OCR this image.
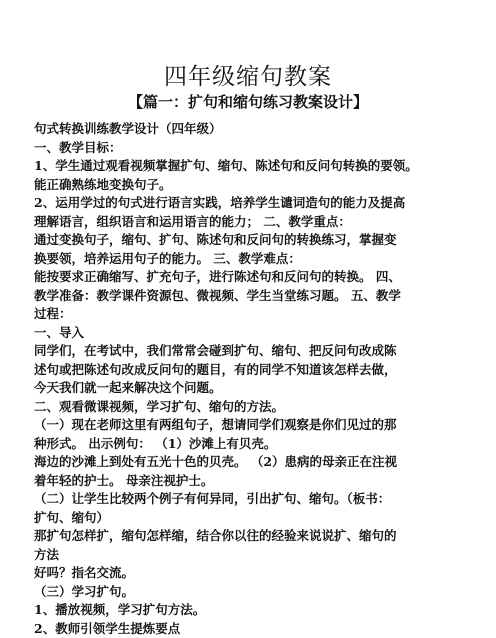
四年级缩句教案
【篇一：扩句和缩句练习教案设计】
句式转换训练教学设计（四年级）
一、教学目标：
1、学生通过观看视频掌握扩句、缩句、陈述句和反问句转换的要领。
能正确熟练地变换句子。
2、运用学过的句式进行语言实践，培养学生谴词造句的能力及提高
理解语言，组织语言和运用语言的能力； 二、教学重点：
通过变换句子，缩句、扩句、陈述句和反问句的转换练习，掌握变
换要领，培养运用句子的能力。 三、教学难点：
能按要求正确缩写、扩充句子，进行陈述句和反问句的转换。 四、
教学准备：教学课件资源包、微视频、学生当堂练习题。 五、教学
过程：
一、导入
同学们，在考试中，我们常常会碰到扩句、缩句、把反问句改成陈
述句或把陈述句改成反问句的题目，有的同学不知道该怎样去做，
今天我们就一起来解决这个问题。
二、观看微课视频，学习扩句、缩句的方法。
（一）现在老师这里有两组句子，想请同学们观察是你们见过的那
种形式。 出示例句： （1）沙滩上有贝壳。
海边的沙滩上到处有五光十色的贝壳。 （2）患病的母亲正在注视
着年轻的护士。 母亲注视护士。
（二）让学生比较两个例子有何异同，引出扩句、缩句。（板书：
扩句、缩句）
那扩句怎样扩，缩句怎样缩，结合你以往的经验来说说扩、缩句的
方法
好吗？指名交流。
（三）学习扩句。
1、播放视频，学习扩句方法。
2、教师引领学生提炼要点
